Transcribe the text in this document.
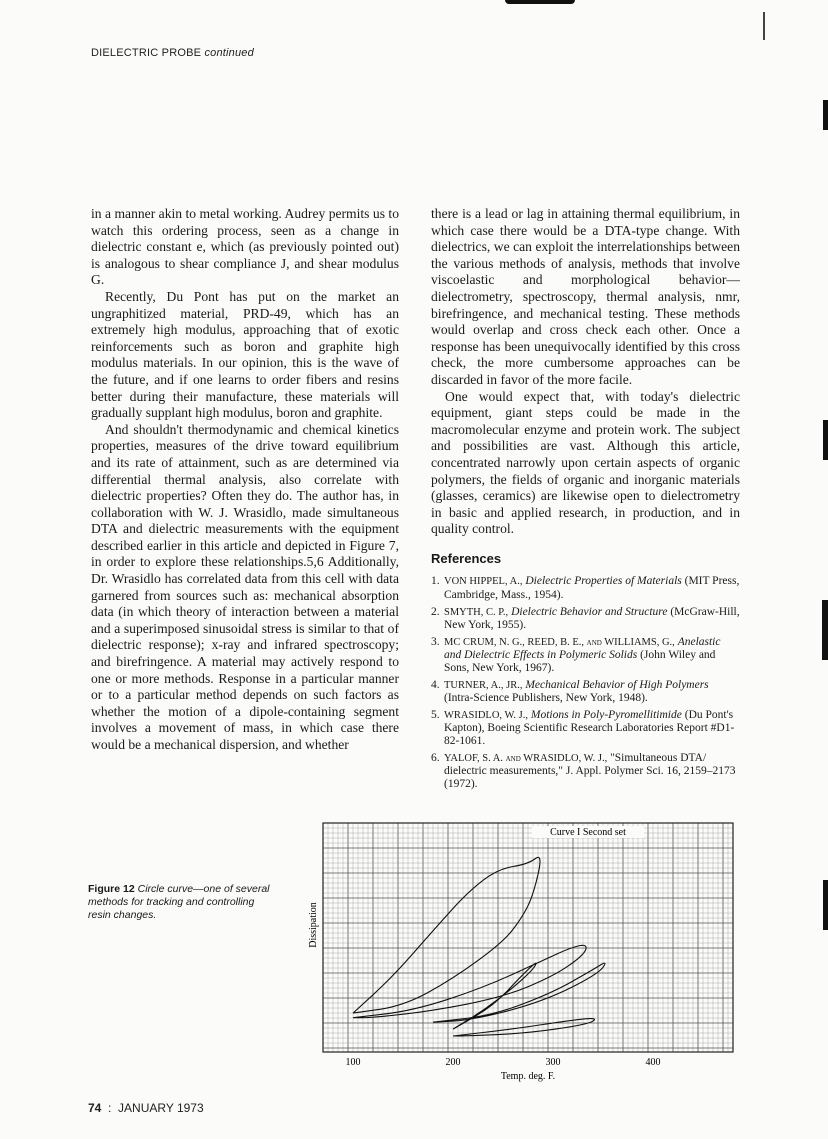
DIELECTRIC PROBE continued

in a manner akin to metal working. Audrey permits us to watch this ordering process, seen as a change in dielectric constant e, which (as previously pointed out) is analogous to shear compliance J, and shear modulus G.

Recently, Du Pont has put on the market an ungraphitized material, PRD-49, which has an extremely high modulus, approaching that of exotic reinforcements such as boron and graphite high modulus materials. In our opinion, this is the wave of the future, and if one learns to order fibers and resins better during their manufacture, these materials will gradually supplant high modulus, boron and graphite.

And shouldn't thermodynamic and chemical kinetics properties, measures of the drive toward equilibrium and its rate of attainment, such as are determined via differential thermal analysis, also correlate with dielectric properties? Often they do. The author has, in collaboration with W. J. Wrasidlo, made simultaneous DTA and dielectric measurements with the equipment described earlier in this article and depicted in Figure 7, in order to explore these relationships.5,6 Additionally, Dr. Wrasidlo has correlated data from this cell with data garnered from sources such as: mechanical absorption data (in which theory of interaction between a material and a superimposed sinusoidal stress is similar to that of dielectric response); x-ray and infrared spectroscopy; and birefringence. A material may actively respond to one or more methods. Response in a particular manner or to a particular method depends on such factors as whether the motion of a dipole-containing segment involves a movement of mass, in which case there would be a mechanical dispersion, and whether

there is a lead or lag in attaining thermal equilibrium, in which case there would be a DTA-type change. With dielectrics, we can exploit the interrelationships between the various methods of analysis, methods that involve viscoelastic and morphological behavior—dielectrometry, spectroscopy, thermal analysis, nmr, birefringence, and mechanical testing. These methods would overlap and cross check each other. Once a response has been unequivocally identified by this cross check, the more cumbersome approaches can be discarded in favor of the more facile.

One would expect that, with today's dielectric equipment, giant steps could be made in the macromolecular enzyme and protein work. The subject and possibilities are vast. Although this article, concentrated narrowly upon certain aspects of organic polymers, the fields of organic and inorganic materials (glasses, ceramics) are likewise open to dielectrometry in basic and applied research, in production, and in quality control.

References
1. VON HIPPEL, A., Dielectric Properties of Materials (MIT Press, Cambridge, Mass., 1954).
2. SMYTH, C. P., Dielectric Behavior and Structure (McGraw-Hill, New York, 1955).
3. MC CRUM, N. G., REED, B. E., and WILLIAMS, G., Anelastic and Dielectric Effects in Polymeric Solids (John Wiley and Sons, New York, 1967).
4. TURNER, A., JR., Mechanical Behavior of High Polymers (Intra-Science Publishers, New York, 1948).
5. WRASIDLO, W. J., Motions in Poly-Pyromellitimide (Du Pont's Kapton), Boeing Scientific Research Laboratories Report #D1-82-1061.
6. YALOF, S. A. and WRASIDLO, W. J., "Simultaneous DTA/ dielectric measurements," J. Appl. Polymer Sci. 16, 2159–2173 (1972).
Figure 12 Circle curve—one of several methods for tracking and controlling resin changes.
Curve I Second set
Dissipation
100	200	300	400
Temp. deg. F.
74 : JANUARY 1973
